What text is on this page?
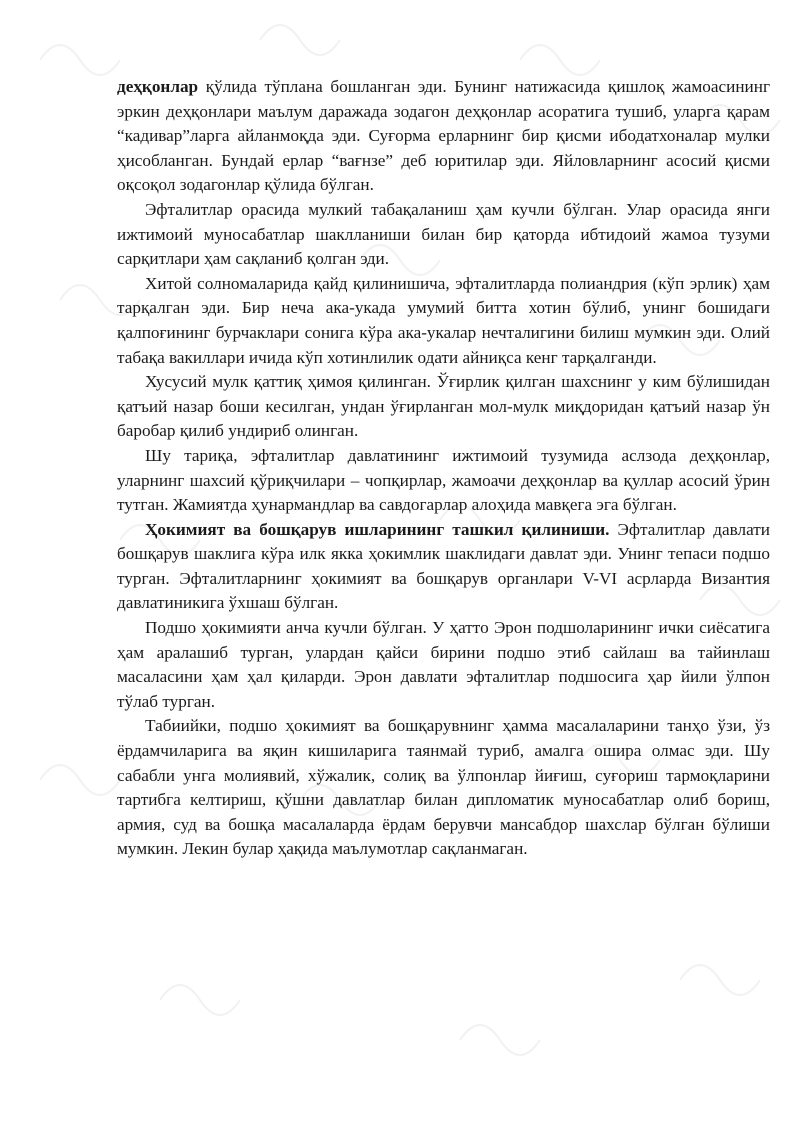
деҳқонлар қўлида тўплана бошланган эди. Бунинг натижасида қишлоқ жамоасининг эркин деҳқонлари маълум даражада зодагон деҳқонлар асоратига тушиб, уларга қарам “кадивар”ларга айланмоқда эди. Суғорма ерларнинг бир қисми ибодатхоналар мулки ҳисобланган. Бундай ерлар “вағнзе” деб юритилар эди. Яйловларнинг асосий қисми оқсоқол зодагонлар қўлида бўлган.

Эфталитлар орасида мулкий табақаланиш ҳам кучли бўлган. Улар орасида янги ижтимоий муносабатлар шаклланиши билан бир қаторда ибтидоий жамоа тузуми сарқитлари ҳам сақланиб қолган эди.

Хитой солномаларида қайд қилинишича, эфталитларда полиандрия (кўп эрлик) ҳам тарқалган эди. Бир неча ака-укада умумий битта хотин бўлиб, унинг бошидаги қалпоғининг бурчаклари сонига кўра ака-укалар нечталигини билиш мумкин эди. Олий табақа вакиллари ичида кўп хотинлилик одати айниқса кенг тарқалганди.

Хусусий мулк қаттиқ ҳимоя қилинган. Ўғирлик қилган шахснинг у ким бўлишидан қатъий назар боши кесилган, ундан ўғирланган мол-мулк миқдоридан қатъий назар ўн баробар қилиб ундириб олинган.

Шу тариқа, эфталитлар давлатининг ижтимоий тузумида аслзода деҳқонлар, уларнинг шахсий қўриқчилари – чопқирлар, жамоачи деҳқонлар ва қуллар асосий ўрин тутган. Жамиятда ҳунармандлар ва савдогарлар алоҳида мавқега эга бўлган.

Ҳокимият ва бошқарув ишларининг ташкил қилиниши. Эфталитлар давлати бошқарув шаклига кўра илк якка ҳокимлик шаклидаги давлат эди. Унинг тепаси подшо турган. Эфталитларнинг ҳокимият ва бошқарув органлари V-VI асрларда Византия давлатиникига ўхшаш бўлган.

Подшо ҳокимияти анча кучли бўлган. У ҳатто Эрон подшоларининг ички сиёсатига ҳам аралашиб турган, улардан қайси бирини подшо этиб сайлаш ва тайинлаш масаласини ҳам ҳал қиларди. Эрон давлати эфталитлар подшосига ҳар йили ўлпон тўлаб турган.

Табиийки, подшо ҳокимият ва бошқарувнинг ҳамма масалаларини танҳо ўзи, ўз ёрдамчиларига ва яқин кишиларига таянмай туриб, амалга оширa олмас эди. Шу сабабли унга молиявий, хўжалик, солиқ ва ўлпонлар йиғиш, суғориш тармоқларини тартибга келтириш, қўшни давлатлар билан дипломатик муносабатлар олиб бориш, армия, суд ва бошқа масалаларда ёрдам берувчи мансабдор шахслар бўлган бўлиши мумкин. Лекин булар ҳақида маълумотлар сақланмаган.
